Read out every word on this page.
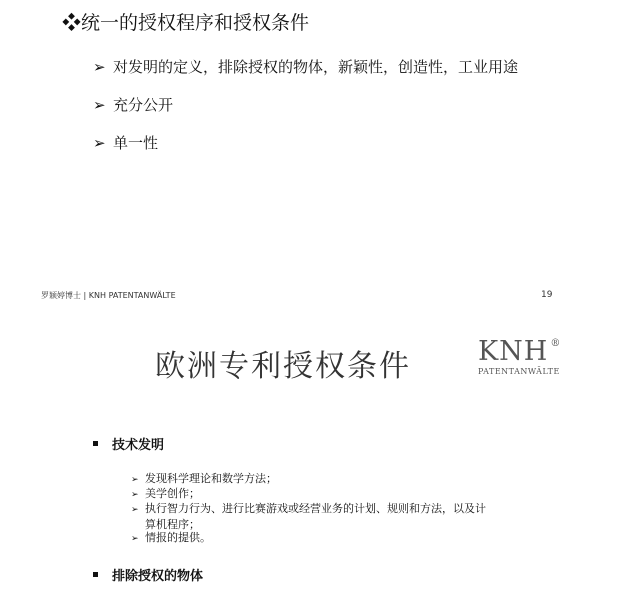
❖统一的授权程序和授权条件
➢ 对发明的定义，排除授权的物体，新颖性，创造性，工业用途
➢ 充分公开
➢ 单一性
罗颖婷博士 | KNH PATENTANWÄLTE	19
欧洲专利授权条件 KNH ®
PATENTANWÄLTE
技术发明
➢ 发现科学理论和数学方法；
➢ 美学创作；
➢ 执行智力行为、进行比赛游戏或经营业务的计划、规则和方法，以及计
算机程序；
➢ 情报的提供。
排除授权的物体
